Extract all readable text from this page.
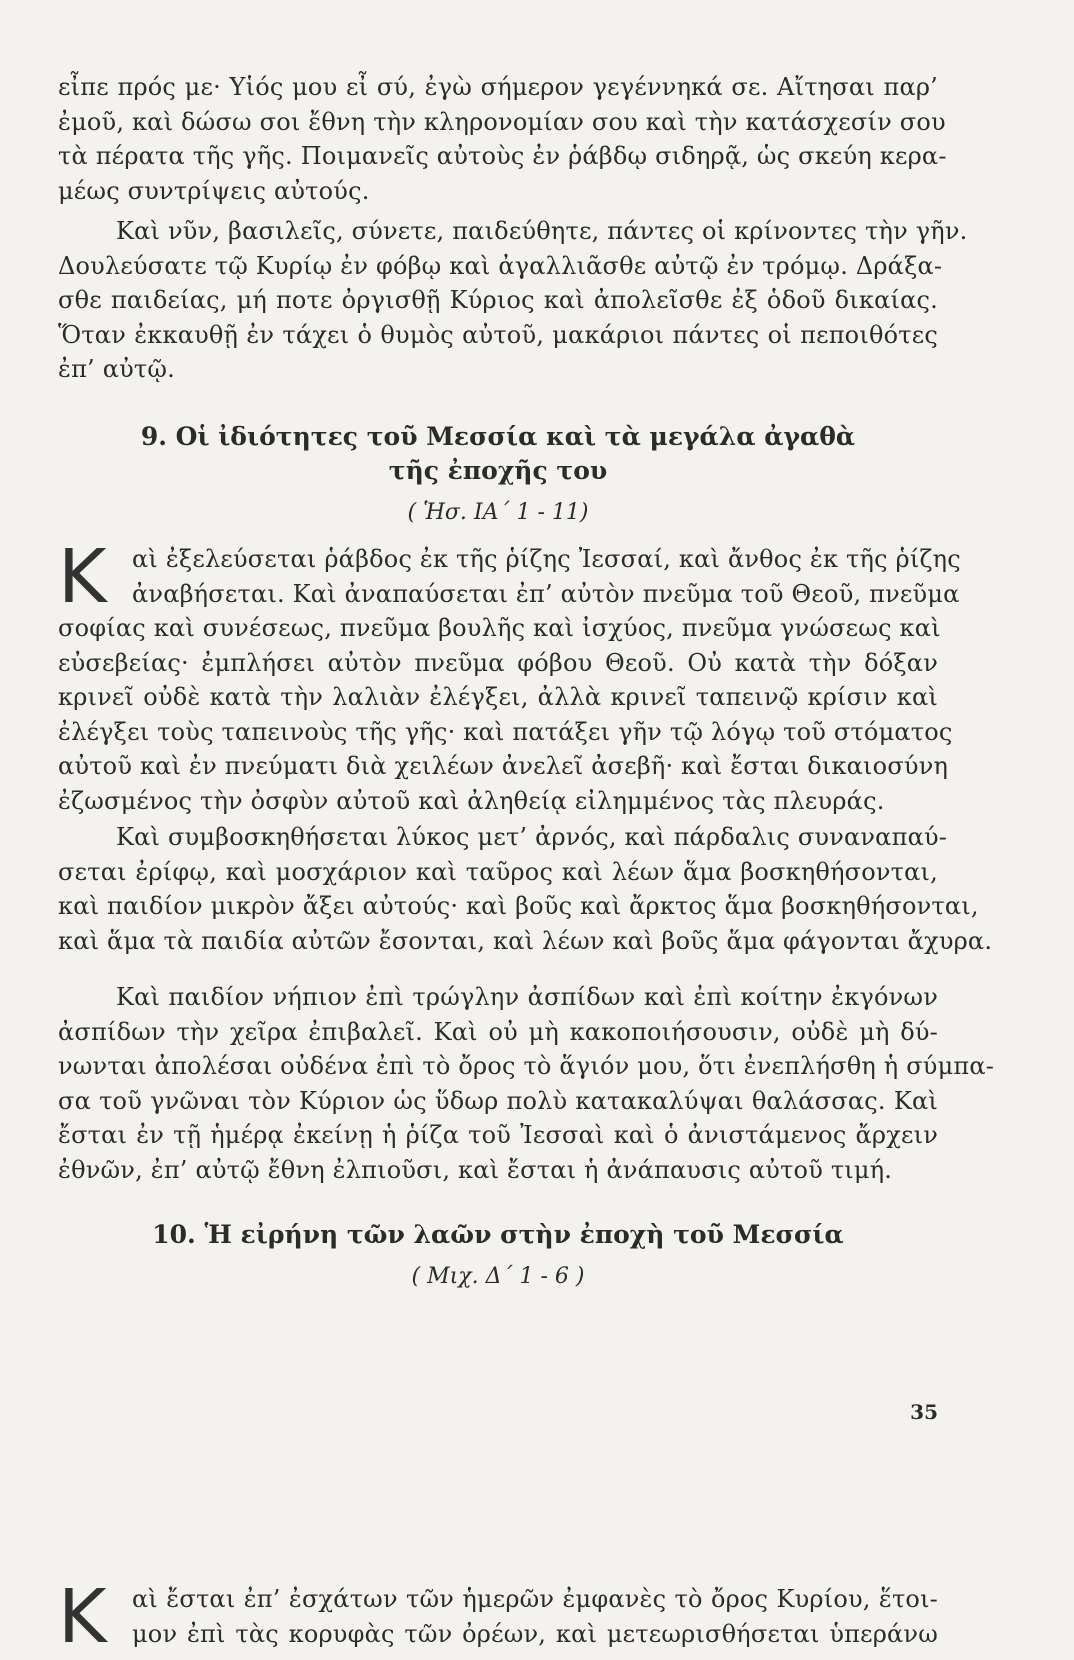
εἶπε πρός με· Υἱός μου εἶ σύ, ἐγὼ σήμερον γεγέννηκά σε. Αἴτησαι παρ’
ἐμοῦ, καὶ δώσω σοι ἔθνη τὴν κληρονομίαν σου καὶ τὴν κατάσχεσίν σου
τὰ πέρατα τῆς γῆς. Ποιμανεῖς αὐτοὺς ἐν ῥάβδῳ σιδηρᾷ, ὡς σκεύη κερα-
μέως συντρίψεις αὐτούς.
Καὶ νῦν, βασιλεῖς, σύνετε, παιδεύθητε, πάντες οἱ κρίνοντες τὴν γῆν.
Δουλεύσατε τῷ Κυρίῳ ἐν φόβῳ καὶ ἀγαλλιᾶσθε αὐτῷ ἐν τρόμῳ. Δράξα-
σθε παιδείας, μή ποτε ὀργισθῇ Κύριος καὶ ἀπολεῖσθε ἐξ ὁδοῦ δικαίας.
Ὅταν ἐκκαυθῇ ἐν τάχει ὁ θυμὸς αὐτοῦ, μακάριοι πάντες οἱ πεποιθότες
ἐπ’ αὐτῷ.
9. Οἱ ἰδιότητες τοῦ Μεσσία καὶ τὰ μεγάλα ἀγαθὰ
τῆς ἐποχῆς του
( Ἡσ. ΙΑ΄ 1 - 11)
Κ	αὶ ἐξελεύσεται ῥάβδος ἐκ τῆς ῥίζης Ἰεσσαί, καὶ ἄνθος ἐκ τῆς ῥίζης
ἀναβήσεται. Καὶ ἀναπαύσεται ἐπ’ αὐτὸν πνεῦμα τοῦ Θεοῦ, πνεῦμα
σοφίας καὶ συνέσεως, πνεῦμα βουλῆς καὶ ἰσχύος, πνεῦμα γνώσεως καὶ
εὐσεβείας· ἐμπλήσει αὐτὸν πνεῦμα φόβου Θεοῦ. Οὐ κατὰ τὴν δόξαν
κρινεῖ οὐδὲ κατὰ τὴν λαλιὰν ἐλέγξει, ἀλλὰ κρινεῖ ταπεινῷ κρίσιν καὶ
ἐλέγξει τοὺς ταπεινοὺς τῆς γῆς· καὶ πατάξει γῆν τῷ λόγῳ τοῦ στόματος
αὐτοῦ καὶ ἐν πνεύματι διὰ χειλέων ἀνελεῖ ἀσεβῆ· καὶ ἔσται δικαιοσύνη
ἐζωσμένος τὴν ὀσφὺν αὐτοῦ καὶ ἀληθείᾳ εἰλημμένος τὰς πλευράς.
Καὶ συμβοσκηθήσεται λύκος μετ’ ἀρνός, καὶ πάρδαλις συναναπαύ-
σεται ἐρίφῳ, καὶ μοσχάριον καὶ ταῦρος καὶ λέων ἅμα βοσκηθήσονται,
καὶ παιδίον μικρὸν ἄξει αὐτούς· καὶ βοῦς καὶ ἄρκτος ἅμα βοσκηθήσονται,
καὶ ἅμα τὰ παιδία αὐτῶν ἔσονται, καὶ λέων καὶ βοῦς ἅμα φάγονται ἄχυρα.
Καὶ παιδίον νήπιον ἐπὶ τρώγλην ἀσπίδων καὶ ἐπὶ κοίτην ἐκγόνων
ἀσπίδων τὴν χεῖρα ἐπιβαλεῖ. Καὶ οὐ μὴ κακοποιήσουσιν, οὐδὲ μὴ δύ-
νωνται ἀπολέσαι οὐδένα ἐπὶ τὸ ὄρος τὸ ἅγιόν μου, ὅτι ἐνεπλήσθη ἡ σύμπα-
σα τοῦ γνῶναι τὸν Κύριον ὡς ὕδωρ πολὺ κατακαλύψαι θαλάσσας. Καὶ
ἔσται ἐν τῇ ἡμέρᾳ ἐκείνῃ ἡ ῥίζα τοῦ Ἰεσσαὶ καὶ ὁ ἀνιστάμενος ἄρχειν
ἐθνῶν, ἐπ’ αὐτῷ ἔθνη ἐλπιοῦσι, καὶ ἔσται ἡ ἀνάπαυσις αὐτοῦ τιμή.
10. Ἡ εἰρήνη τῶν λαῶν στὴν ἐποχὴ τοῦ Μεσσία
( Μιχ. Δ΄ 1 - 6 )
Κ	αὶ ἔσται ἐπ’ ἐσχάτων τῶν ἡμερῶν ἐμφανὲς τὸ ὄρος Κυρίου, ἕτοι-
μον ἐπὶ τὰς κορυφὰς τῶν ὀρέων, καὶ μετεωρισθήσεται ὑπεράνω
35
